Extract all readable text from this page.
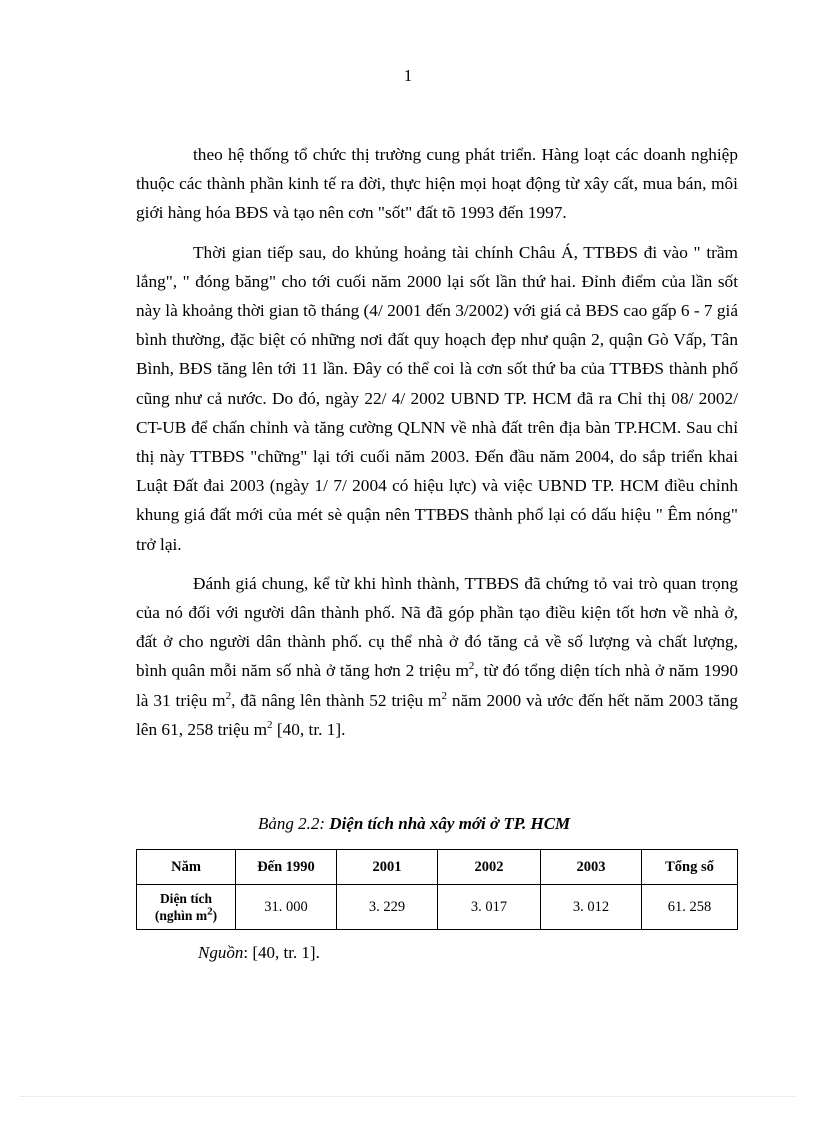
1

theo hệ thống tổ chức thị trường cung phát triển. Hàng loạt các doanh nghiệp thuộc các thành phần kinh tế ra đời, thực hiện mọi hoạt động từ xây cất, mua bán, môi giới hàng hóa BĐS và tạo nên cơn "sốt" đất tõ 1993 đến 1997.

Thời gian tiếp sau, do khủng hoảng tài chính Châu Á, TTBĐS đi vào " trầm lắng", " đóng băng" cho tới cuối năm 2000 lại sốt lần thứ hai. Đỉnh điểm của lần sốt này là khoảng thời gian tõ tháng (4/ 2001 đến 3/2002) với giá cả BĐS cao gấp 6 - 7 giá bình thường, đặc biệt có những nơi đất quy hoạch đẹp như quận 2, quận Gò Vấp, Tân Bình, BĐS tăng lên tới 11 lần. Đây có thể coi là cơn sốt thứ ba của TTBĐS thành phố cũng như cả nước. Do đó, ngày 22/ 4/ 2002 UBND TP. HCM đã ra Chỉ thị 08/ 2002/ CT-UB để chấn chỉnh và tăng cường QLNN về nhà đất trên địa bàn TP.HCM. Sau chỉ thị này TTBĐS "chững" lại tới cuối năm 2003. Đến đầu năm 2004, do sắp triển khai Luật Đất đai 2003 (ngày 1/ 7/ 2004 có hiệu lực) và việc UBND TP. HCM điều chỉnh khung giá đất mới của mét sè quận nên TTBĐS thành phố lại có dấu hiệu " Êm nóng" trở lại.

Đánh giá chung, kể từ khi hình thành, TTBĐS đã chứng tỏ vai trò quan trọng của nó đối với người dân thành phố. Nã đã góp phần tạo điều kiện tốt hơn về nhà ở, đất ở cho người dân thành phố. cụ thể nhà ở đó tăng cả về số lượng và chất lượng, bình quân mỗi năm số nhà ở tăng hơn 2 triệu $m^2$, từ đó tổng diện tích nhà ở năm 1990 là 31 triệu $m^2$, đã nâng lên thành 52 triệu $m^2$ năm 2000 và ước đến hết năm 2003 tăng lên 61, 258 triệu $m^2$ [40, tr. 1].

Bảng 2.2: Diện tích nhà xây mới ở TP. HCM
Năm	Đến 1990	2001	2002	2003	Tổng số
Diện tích
(nghìn $m^2$)	31. 000	3. 229	3. 017	3. 012	61. 258
Nguồn: [40, tr. 1].
